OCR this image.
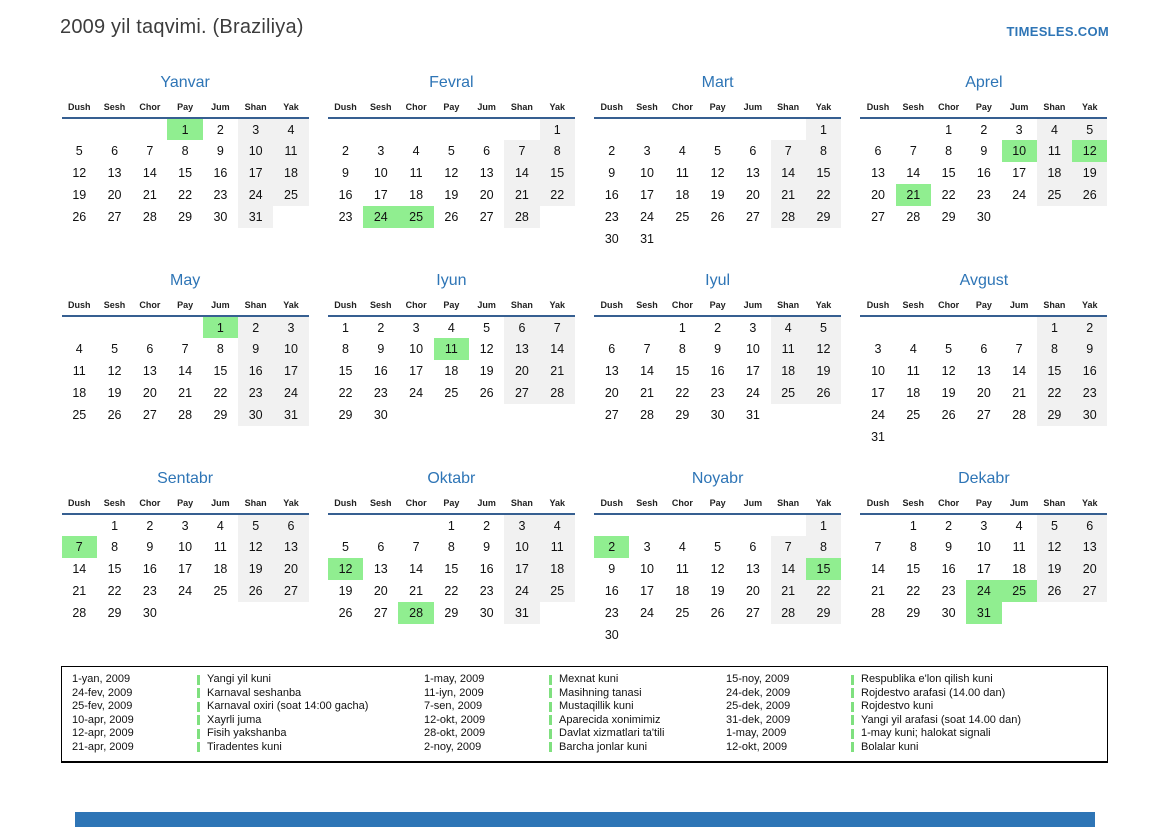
2009 yil taqvimi. (Braziliya)	TIMESLES.COM
Yanvar
Dush	Sesh	Chor	Pay	Jum	Shan	Yak
			1	2	3	4
5	6	7	8	9	10	11
12	13	14	15	16	17	18
19	20	21	22	23	24	25
26	27	28	29	30	31	
Fevral
Dush	Sesh	Chor	Pay	Jum	Shan	Yak
						1
2	3	4	5	6	7	8
9	10	11	12	13	14	15
16	17	18	19	20	21	22
23	24	25	26	27	28	
Mart
Dush	Sesh	Chor	Pay	Jum	Shan	Yak
						1
2	3	4	5	6	7	8
9	10	11	12	13	14	15
16	17	18	19	20	21	22
23	24	25	26	27	28	29
30	31					
Aprel
Dush	Sesh	Chor	Pay	Jum	Shan	Yak
		1	2	3	4	5
6	7	8	9	10	11	12
13	14	15	16	17	18	19
20	21	22	23	24	25	26
27	28	29	30			
May
Dush	Sesh	Chor	Pay	Jum	Shan	Yak
				1	2	3
4	5	6	7	8	9	10
11	12	13	14	15	16	17
18	19	20	21	22	23	24
25	26	27	28	29	30	31
Iyun
Dush	Sesh	Chor	Pay	Jum	Shan	Yak
1	2	3	4	5	6	7
8	9	10	11	12	13	14
15	16	17	18	19	20	21
22	23	24	25	26	27	28
29	30					
Iyul
Dush	Sesh	Chor	Pay	Jum	Shan	Yak
		1	2	3	4	5
6	7	8	9	10	11	12
13	14	15	16	17	18	19
20	21	22	23	24	25	26
27	28	29	30	31		
Avgust
Dush	Sesh	Chor	Pay	Jum	Shan	Yak
					1	2
3	4	5	6	7	8	9
10	11	12	13	14	15	16
17	18	19	20	21	22	23
24	25	26	27	28	29	30
31						
Sentabr
Dush	Sesh	Chor	Pay	Jum	Shan	Yak
	1	2	3	4	5	6
7	8	9	10	11	12	13
14	15	16	17	18	19	20
21	22	23	24	25	26	27
28	29	30				
Oktabr
Dush	Sesh	Chor	Pay	Jum	Shan	Yak
			1	2	3	4
5	6	7	8	9	10	11
12	13	14	15	16	17	18
19	20	21	22	23	24	25
26	27	28	29	30	31	
Noyabr
Dush	Sesh	Chor	Pay	Jum	Shan	Yak
						1
2	3	4	5	6	7	8
9	10	11	12	13	14	15
16	17	18	19	20	21	22
23	24	25	26	27	28	29
30						
Dekabr
Dush	Sesh	Chor	Pay	Jum	Shan	Yak
	1	2	3	4	5	6
7	8	9	10	11	12	13
14	15	16	17	18	19	20
21	22	23	24	25	26	27
28	29	30	31			
1-yan, 2009	Yangi yil kuni
24-fev, 2009	Karnaval seshanba
25-fev, 2009	Karnaval oxiri (soat 14:00 gacha)
10-apr, 2009	Xayrli juma
12-apr, 2009	Fisih yakshanba
21-apr, 2009	Tiradentes kuni
1-may, 2009	Mexnat kuni
11-iyn, 2009	Masihning tanasi
7-sen, 2009	Mustaqillik kuni
12-okt, 2009	Aparecida xonimimiz
28-okt, 2009	Davlat xizmatlari ta'tili
2-noy, 2009	Barcha jonlar kuni
15-noy, 2009	Respublika e'lon qilish kuni
24-dek, 2009	Rojdestvo arafasi (14.00 dan)
25-dek, 2009	Rojdestvo kuni
31-dek, 2009	Yangi yil arafasi (soat 14.00 dan)
1-may, 2009	1-may kuni; halokat signali
12-okt, 2009	Bolalar kuni
